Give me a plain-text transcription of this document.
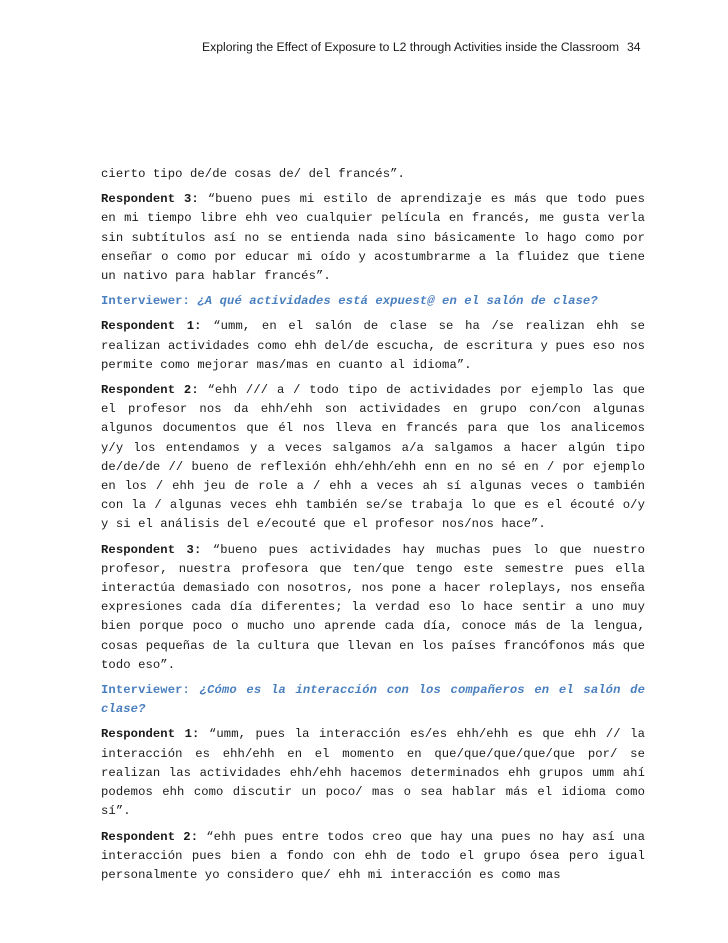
Exploring the Effect of Exposure to L2 through Activities inside the Classroom 34

cierto tipo de/de cosas de/ del francés”.

Respondent 3: “bueno pues mi estilo de aprendizaje es más que todo pues en mi tiempo libre ehh veo cualquier película en francés, me gusta verla sin subtítulos así no se entienda nada sino básicamente lo hago como por enseñar o como por educar mi oído y acostumbrarme a la fluidez que tiene un nativo para hablar francés”.

Interviewer: ¿A qué actividades está expuest@ en el salón de clase?

Respondent 1: “umm, en el salón de clase se ha /se realizan ehh se realizan actividades como ehh del/de escucha, de escritura y pues eso nos permite como mejorar mas/mas en cuanto al idioma”.

Respondent 2: “ehh /// a / todo tipo de actividades por ejemplo las que el profesor nos da ehh/ehh son actividades en grupo con/con algunas algunos documentos que él nos lleva en francés para que los analicemos y/y los entendamos y a veces salgamos a/a salgamos a hacer algún tipo de/de/de // bueno de reflexión ehh/ehh/ehh enn en no sé en / por ejemplo en los / ehh jeu de role a / ehh a veces ah sí algunas veces o también con la / algunas veces ehh también se/se trabaja lo que es el écouté o/y y si el análisis del e/ecouté que el profesor nos/nos hace”.

Respondent 3: “bueno pues actividades hay muchas pues lo que nuestro profesor, nuestra profesora que ten/que tengo este semestre pues ella interactúa demasiado con nosotros, nos pone a hacer roleplays, nos enseña expresiones cada día diferentes; la verdad eso lo hace sentir a uno muy bien porque poco o mucho uno aprende cada día, conoce más de la lengua, cosas pequeñas de la cultura que llevan en los países francófonos más que todo eso”.

Interviewer: ¿Cómo es la interacción con los compañeros en el salón de clase?

Respondent 1: “umm, pues la interacción es/es ehh/ehh es que ehh // la interacción es ehh/ehh en el momento en que/que/que/que/que por/ se realizan las actividades ehh/ehh hacemos determinados ehh grupos umm ahí podemos ehh como discutir un poco/ mas o sea hablar más el idioma como sí”.

Respondent 2: “ehh pues entre todos creo que hay una pues no hay así una interacción pues bien a fondo con ehh de todo el grupo ósea pero igual personalmente yo considero que/ ehh mi interacción es como mas
